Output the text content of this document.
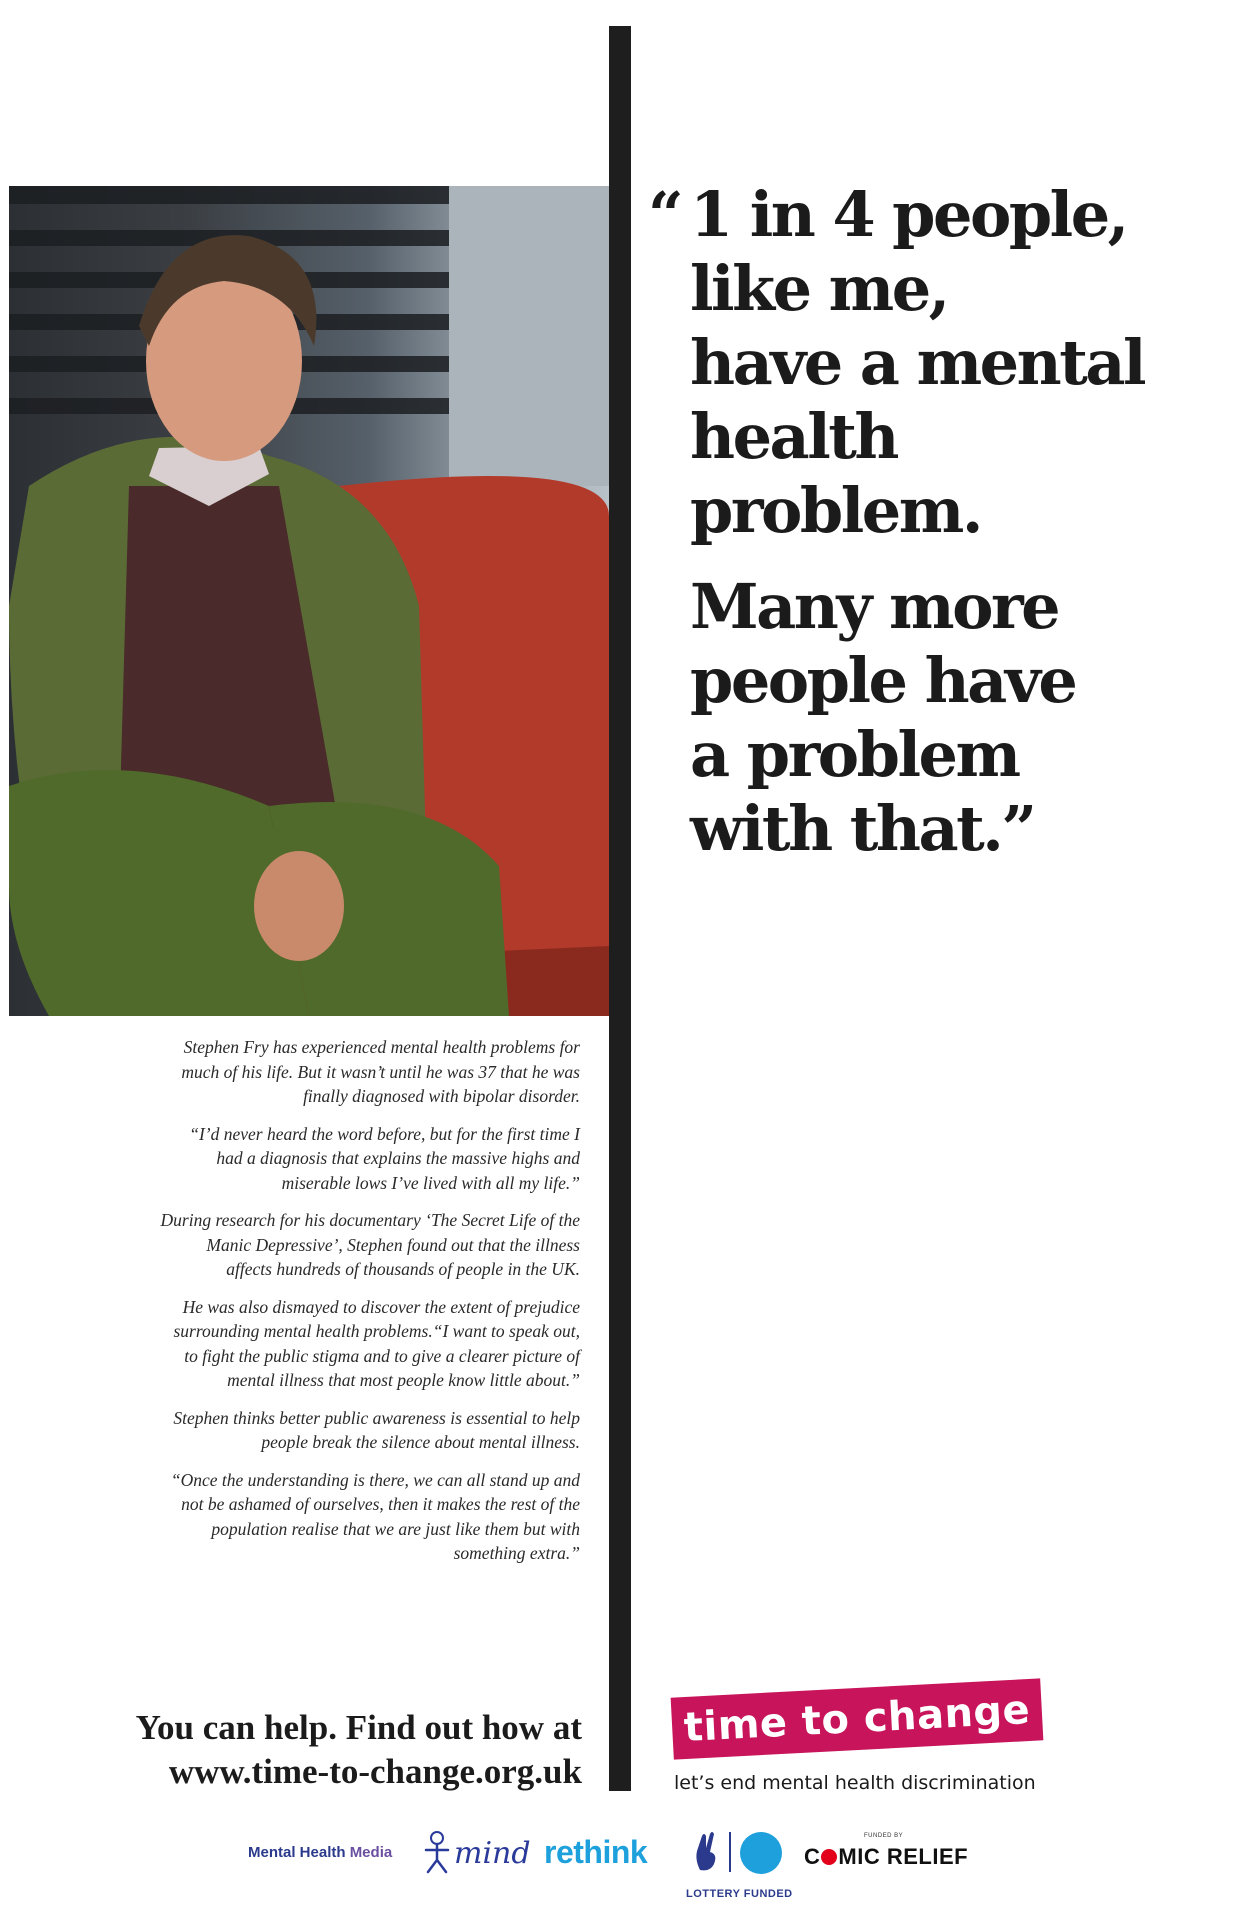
“ 1 in 4 people,
like me,
have a mental
health
problem.
Many more
people have
a problem
with that.”

Stephen Fry has experienced mental health problems for much of his life. But it wasn’t until he was 37 that he was finally diagnosed with bipolar disorder.

“I’d never heard the word before, but for the first time I had a diagnosis that explains the massive highs and miserable lows I’ve lived with all my life.”

During research for his documentary ‘The Secret Life of the Manic Depressive’, Stephen found out that the illness affects hundreds of thousands of people in the UK.

He was also dismayed to discover the extent of prejudice surrounding mental health problems.“I want to speak out, to fight the public stigma and to give a clearer picture of mental illness that most people know little about.”

Stephen thinks better public awareness is essential to help people break the silence about mental illness.

“Once the understanding is there, we can all stand up and not be ashamed of ourselves, then it makes the rest of the population realise that we are just like them but with something extra.”

You can help. Find out how at
www.time-to-change.org.uk
time to change
let’s end mental health discrimination
Mental Health Media mind rethink
LOTTERY FUNDED
FUNDED BY
C MIC RELIEF
